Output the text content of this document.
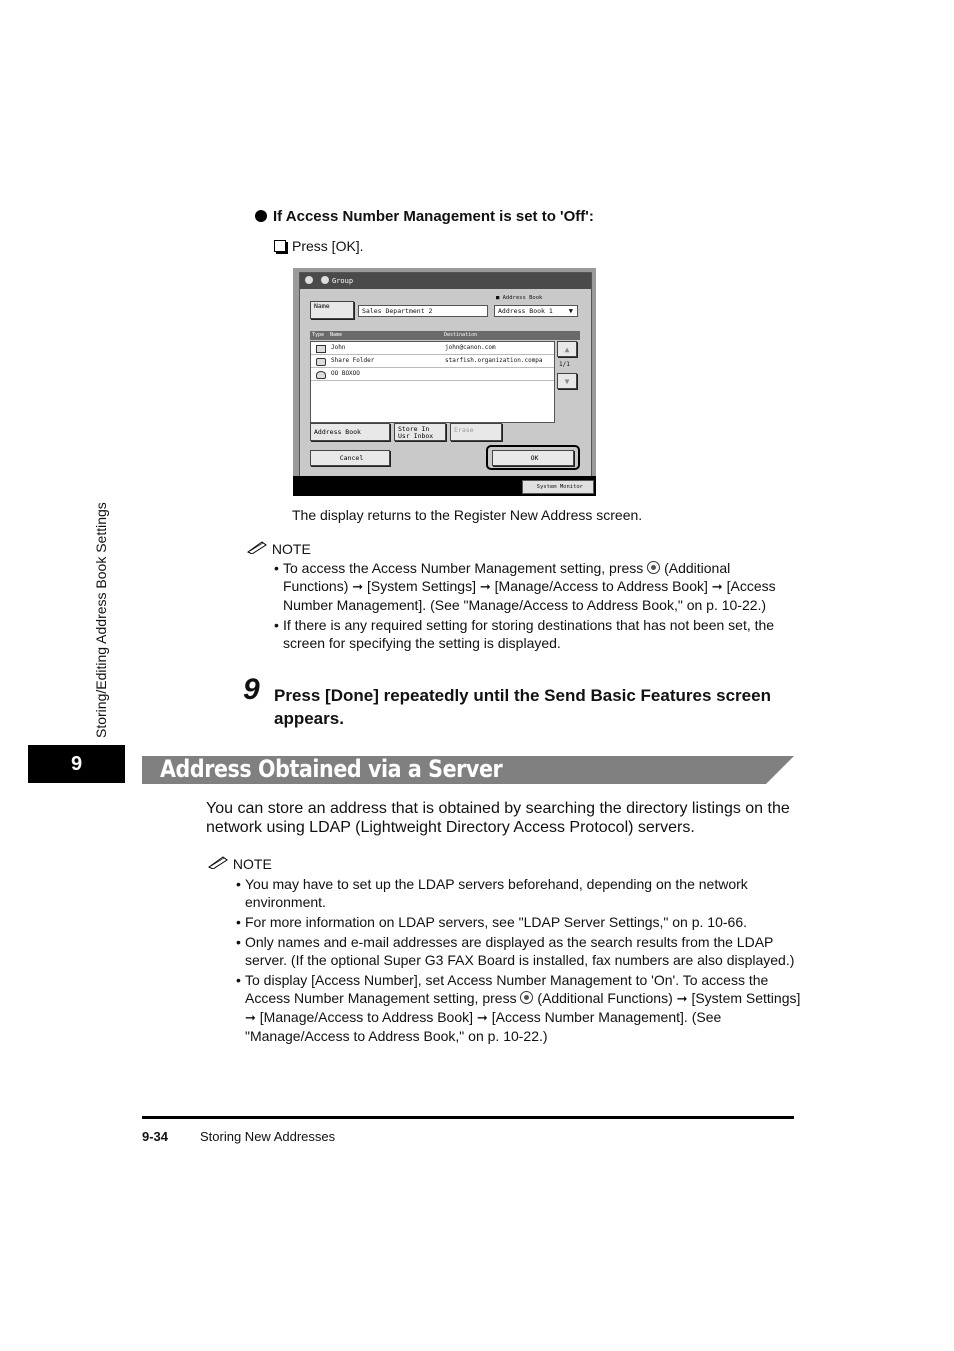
Storing/Editing Address Book Settings
9
If Access Number Management is set to 'Off':
Press [OK].
Group
Name
Sales Department 2
■ Address Book
Address Book 1 ▼
Type Name	Destination
John	john@canon.com
Share Folder	starfish.organization.compa
OO BOXOO
▲
1/1
▼
Address Book	Store In
Usr Inbox
Erase
Cancel	OK
System Monitor
The display returns to the Register New Address screen.
NOTE
• To access the Access Number Management setting, press (Additional Functions) ➞ [System Settings] ➞ [Manage/Access to Address Book] ➞ [Access Number Management]. (See "Manage/Access to Address Book," on p. 10-22.)
• If there is any required setting for storing destinations that has not been set, the screen for specifying the setting is displayed.
9 Press [Done] repeatedly until the Send Basic Features screen appears.
Address Obtained via a Server
You can store an address that is obtained by searching the directory listings on the network using LDAP (Lightweight Directory Access Protocol) servers.
NOTE
• You may have to set up the LDAP servers beforehand, depending on the network environment.
• For more information on LDAP servers, see "LDAP Server Settings," on p. 10-66.
• Only names and e-mail addresses are displayed as the search results from the LDAP server. (If the optional Super G3 FAX Board is installed, fax numbers are also displayed.)
• To display [Access Number], set Access Number Management to 'On'. To access the Access Number Management setting, press (Additional Functions) ➞ [System Settings] ➞ [Manage/Access to Address Book] ➞ [Access Number Management]. (See "Manage/Access to Address Book," on p. 10-22.)
9-34 Storing New Addresses
